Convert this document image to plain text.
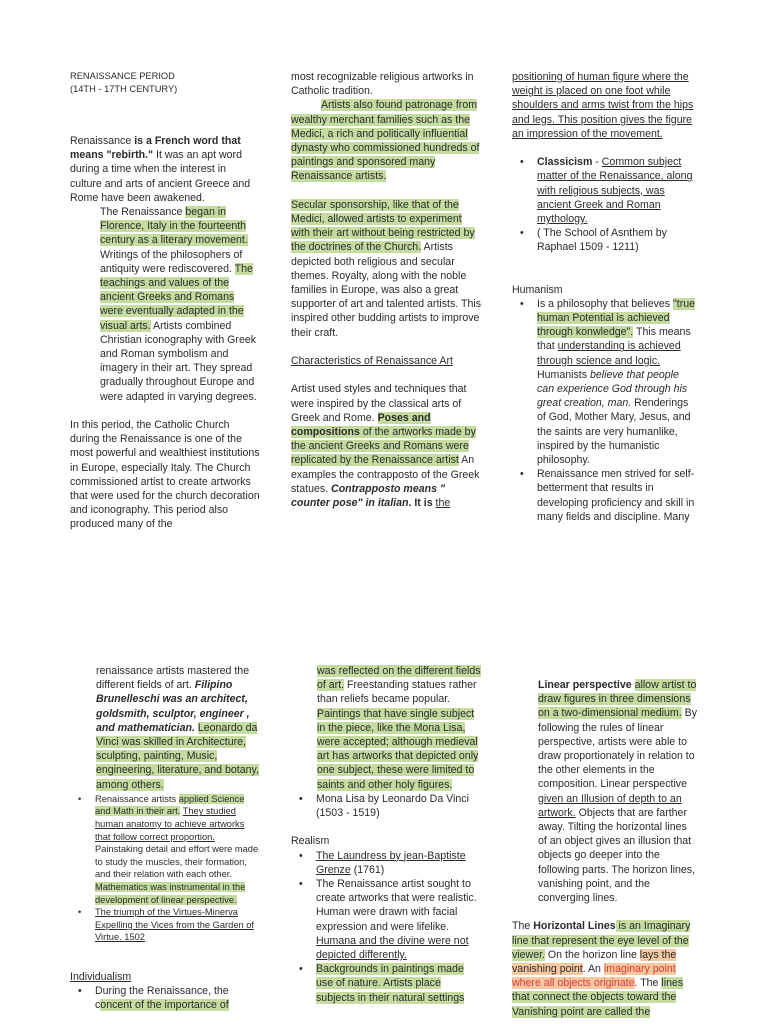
RENAISSANCE PERIOD

(14TH - 17TH CENTURY)

Renaissance is a French word that means "rebirth." It was an apt word during a time when the interest in culture and arts of ancient Greece and Rome have been awakened.

The Renaissance began in Florence, Italy in the fourteenth century as a literary movement. Writings of the philosophers of antiquity were rediscovered. The teachings and values of the ancient Greeks and Romans were eventually adapted in the visual arts. Artists combined Christian iconography with Greek and Roman symbolism and imagery in their art. They spread gradually throughout Europe and were adapted in varying degrees.

In this period, the Catholic Church during the Renaissance is one of the most powerful and wealthiest institutions in Europe, especially Italy. The Church commissioned artist to create artworks that were used for the church decoration and iconography. This period also produced many of the

most recognizable religious artworks in Catholic tradition.

Artists also found patronage from wealthy merchant families such as the Medici, a rich and politically influential dynasty who commissioned hundreds of paintings and sponsored many Renaissance artists.

Secular sponsorship, like that of the Medici, allowed artists to experiment with their art without being restricted by the doctrines of the Church. Artists depicted both religious and secular themes. Royalty, along with the noble families in Europe, was also a great supporter of art and talented artists. This inspired other budding artists to improve their craft.

Characteristics of Renaissance Art

Artist used styles and techniques that were inspired by the classical arts of Greek and Rome. Poses and compositions of the artworks made by the ancient Greeks and Romans were replicated by the Renaissance artist An examples the contrapposto of the Greek statues. Contrapposto means " counter pose" in italian. It is the

positioning of human figure where the weight is placed on one foot while shoulders and arms twist from the hips and legs. This position gives the figure an impression of the movement.

• Classicism - Common subject matter of the Renaissance, along with religious subjects, was ancient Greek and Roman mythology.
• ( The School of Asnthem by Raphael 1509 - 1211)

Humanism

• Is a philosophy that believes "true human Potential is achieved through konwledge". This means that understanding is achieved through science and logic. Humanists believe that people can experience God through his great creation, man. Renderings of God, Mother Mary, Jesus, and the saints are very humanlike, inspired by the humanistic philosophy.
• Renaissance men strived for self-betterment that results in developing proficiency and skill in many fields and discipline. Many

renaissance artists mastered the different fields of art. Filipino Brunelleschi was an architect, goldsmith, sculptor, engineer , and mathematician. Leonardo da Vinci was skilled in Architecture, sculpting, painting, Music, engineering, literature, and botany, among others.

• Renaissance artists applied Science and Math in their art. They studied human anatomy to achieve artworks that follow correct proportion. Painstaking detail and effort were made to study the muscles, their formation, and their relation with each other. Mathematics was instrumental in the development of linear perspective.
• The triumph of the Virtues-Minerva Expelling the Vices from the Garden of Virtue. 1502

Individualism

• During the Renaissance, the concent of the importance of

was reflected on the different fields of art. Freestanding statues rather than reliefs became popular. Paintings that have single subject in the piece, like the Mona Lisa, were accepted; although medieval art has artworks that depicted only one subject, these were limited to saints and other holy figures.

• Mona Lisa by Leonardo Da Vinci (1503 - 1519)

Realism

• The Laundress by jean-Baptiste Grenze (1761)
• The Renaissance artist sought to create artworks that were realistic. Human were drawn with facial expression and were lifelike. Humana and the divine were not depicted differently.
• Backgrounds in paintings made use of nature. Artists place subjects in their natural settings

Linear perspective allow artist to draw figures in three dimensions on a two-dimensional medium. By following the rules of linear perspective, artists were able to draw proportionately in relation to the other elements in the composition. Linear perspective given an Illusion of depth to an artwork. Objects that are farther away. Tilting the horizontal lines of an object gives an illusion that objects go deeper into the following parts. The horizon lines, vanishing point, and the converging lines.

The Horizontal Lines is an Imaginary line that represent the eye level of the viewer. On the horizon line lays the vanishing point. An imaginary point where all objects originate. The lines that connect the objects toward the Vanishing point are called the
